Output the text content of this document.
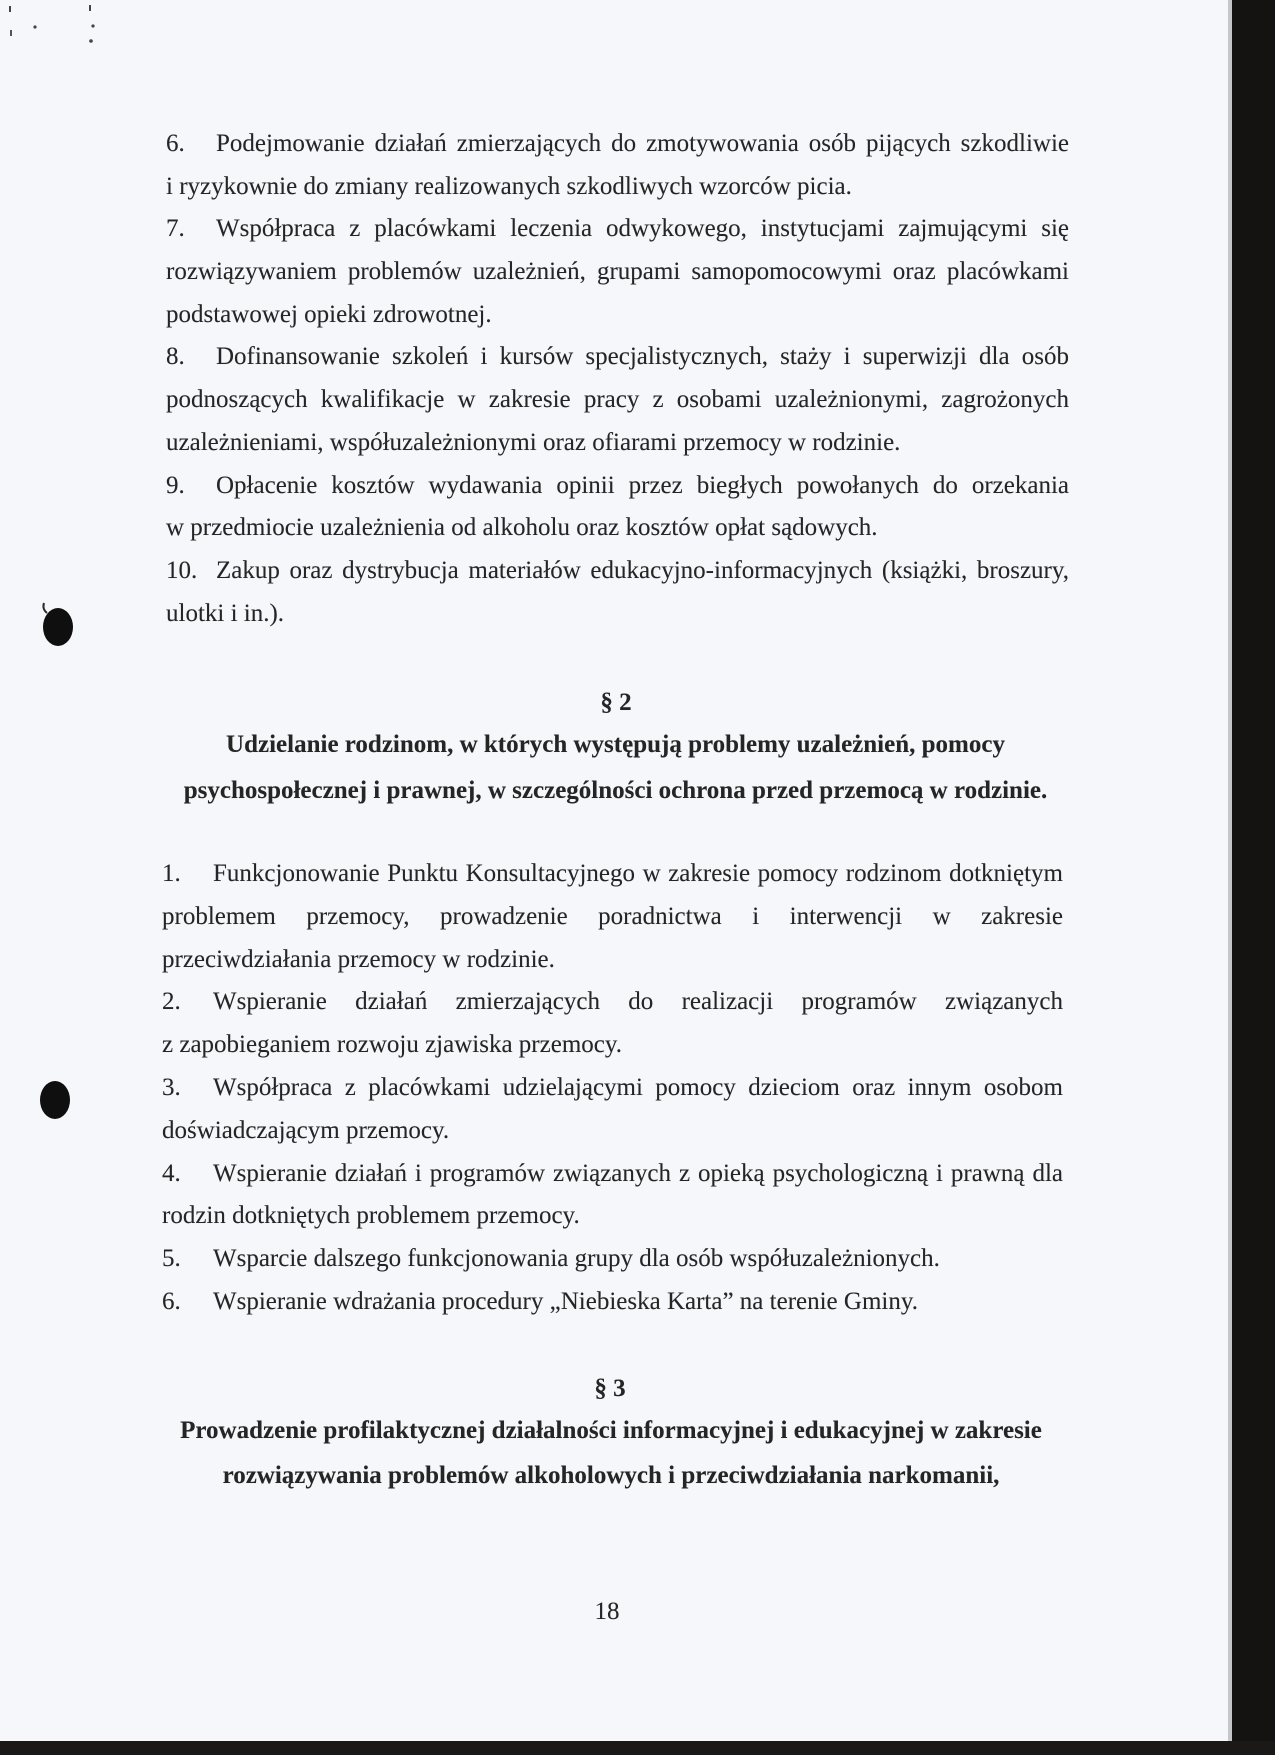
6.	Podejmowanie działań zmierzających do zmotywowania osób pijących szkodliwie
i ryzykownie do zmiany realizowanych szkodliwych wzorców picia.
7.	Współpraca z placówkami leczenia odwykowego, instytucjami zajmującymi się
rozwiązywaniem problemów uzależnień, grupami samopomocowymi oraz placówkami
podstawowej opieki zdrowotnej.
8.	Dofinansowanie szkoleń i kursów specjalistycznych, staży i superwizji dla osób
podnoszących kwalifikacje w zakresie pracy z osobami uzależnionymi, zagrożonych
uzależnieniami, współuzależnionymi oraz ofiarami przemocy w rodzinie.
9.	Opłacenie kosztów wydawania opinii przez biegłych powołanych do orzekania
w przedmiocie uzależnienia od alkoholu oraz kosztów opłat sądowych.
10. Zakup oraz dystrybucja materiałów edukacyjno-informacyjnych (książki, broszury,
ulotki i in.).
§ 2
Udzielanie rodzinom, w których występują problemy uzależnień, pomocy
psychospołecznej i prawnej, w szczególności ochrona przed przemocą w rodzinie.
1.	Funkcjonowanie Punktu Konsultacyjnego w zakresie pomocy rodzinom dotkniętym
problemem przemocy, prowadzenie poradnictwa i interwencji w zakresie
przeciwdziałania przemocy w rodzinie.
2.	Wspieranie działań zmierzających do realizacji programów związanych
z zapobieganiem rozwoju zjawiska przemocy.
3.	Współpraca z placówkami udzielającymi pomocy dzieciom oraz innym osobom
doświadczającym przemocy.
4.	Wspieranie działań i programów związanych z opieką psychologiczną i prawną dla
rodzin dotkniętych problemem przemocy.
5.	Wsparcie dalszego funkcjonowania grupy dla osób współuzależnionych.
6.	Wspieranie wdrażania procedury „Niebieska Karta” na terenie Gminy.
§ 3
Prowadzenie profilaktycznej działalności informacyjnej i edukacyjnej w zakresie
rozwiązywania problemów alkoholowych i przeciwdziałania narkomanii,
18
